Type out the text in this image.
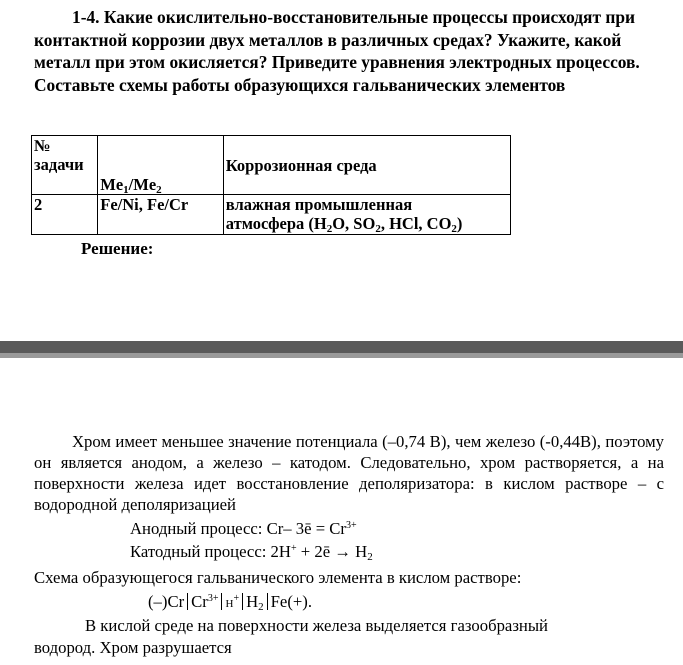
1-4. Какие окислительно-восстановительные процессы происходят при контактной коррозии двух металлов в различных средах? Укажите, какой металл при этом окисляется? Приведите уравнения электродных процессов. Составьте схемы работы образующихся гальванических элементов
№
задачи	$Me_1/Me_2$	Коррозионная среда
2	Fe/Ni, Fe/Cr	влажная промышленная
атмосфера ($H_2O$, $SO_2$, HCl, $CO_2$)
Решение:
Хром имеет меньшее значение потенциала (–0,74 В), чем железо (-0,44В), поэтому он является анодом, а железо – катодом. Следовательно, хром растворяется, а на поверхности железа идет восстановление деполяризатора: в кислом растворе – с водородной деполяризацией
Анодный процесс: Cr– 3ē = $Cr^{3+}$
Катодный процесс: 2H+ + 2ē → $H_2$
Схема образующегося гальванического элемента в кислом растворе:
(–)Cr $Cr^{3+}$ H+ $H_2$ Fe(+).
В кислой среде на поверхности железа выделяется газообразный
водород. Хром разрушается
